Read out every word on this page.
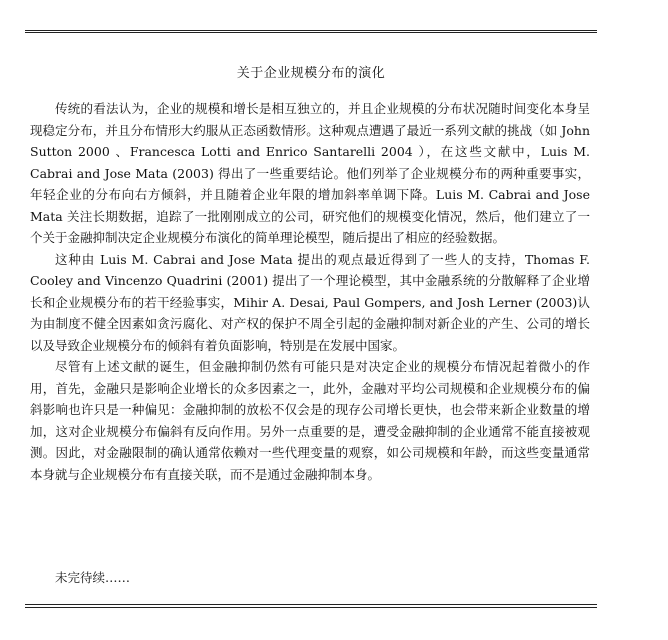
关于企业规模分布的演化

传统的看法认为，企业的规模和增长是相互独立的，并且企业规模的分布状况随时间变化本身呈现稳定分布，并且分布情形大约服从正态函数情形。这种观点遭遇了最近一系列文献的挑战（如 John Sutton 2000 、Francesca Lotti and Enrico Santarelli 2004 ），在这些文献中，Luis M. Cabrai and Jose Mata (2003) 得出了一些重要结论。他们列举了企业规模分布的两种重要事实，年轻企业的分布向右方倾斜，并且随着企业年限的增加斜率单调下降。Luis M. Cabrai and Jose Mata 关注长期数据，追踪了一批刚刚成立的公司，研究他们的规模变化情况，然后，他们建立了一个关于金融抑制决定企业规模分布演化的简单理论模型，随后提出了相应的经验数据。

这种由 Luis M. Cabrai and Jose Mata 提出的观点最近得到了一些人的支持，Thomas F. Cooley and Vincenzo Quadrini (2001) 提出了一个理论模型，其中金融系统的分散解释了企业增长和企业规模分布的若干经验事实，Mihir A. Desai, Paul Gompers, and Josh Lerner (2003)认为由制度不健全因素如贪污腐化、对产权的保护不周全引起的金融抑制对新企业的产生、公司的增长以及导致企业规模分布的倾斜有着负面影响，特别是在发展中国家。

尽管有上述文献的诞生，但金融抑制仍然有可能只是对决定企业的规模分布情况起着微小的作用，首先，金融只是影响企业增长的众多因素之一，此外，金融对平均公司规模和企业规模分布的偏斜影响也许只是一种偏见：金融抑制的放松不仅会是的现存公司增长更快，也会带来新企业数量的增加，这对企业规模分布偏斜有反向作用。另外一点重要的是，遭受金融抑制的企业通常不能直接被观测。因此，对金融限制的确认通常依赖对一些代理变量的观察，如公司规模和年龄，而这些变量通常本身就与企业规模分布有直接关联，而不是通过金融抑制本身。

未完待续……
